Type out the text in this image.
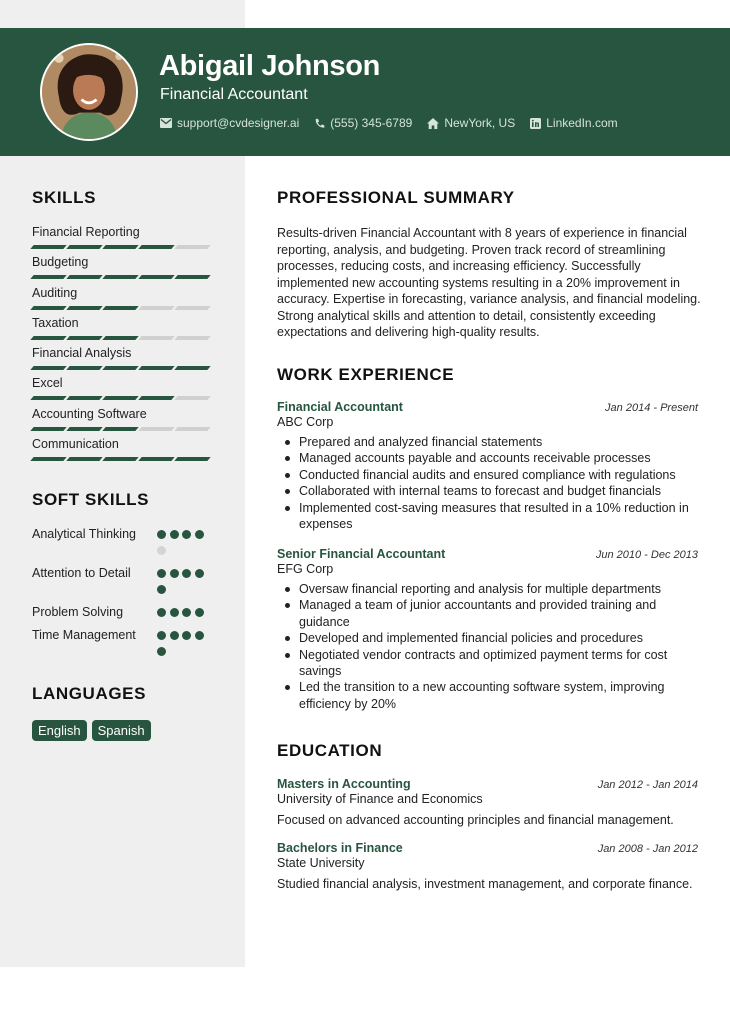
Abigail Johnson
Financial Accountant
support@cvdesigner.ai	(555) 345-6789	NewYork, US	LinkedIn.com
SKILLS
Financial Reporting
Budgeting
Auditing
Taxation
Financial Analysis
Excel
Accounting Software
Communication
SOFT SKILLS
Analytical Thinking
Attention to Detail
Problem Solving
Time Management
LANGUAGES
English	Spanish
PROFESSIONAL SUMMARY
Results-driven Financial Accountant with 8 years of experience in financial reporting, analysis, and budgeting. Proven track record of streamlining processes, reducing costs, and increasing efficiency. Successfully implemented new accounting systems resulting in a 20% improvement in accuracy. Expertise in forecasting, variance analysis, and financial modeling. Strong analytical skills and attention to detail, consistently exceeding expectations and delivering high-quality results.
WORK EXPERIENCE
Financial Accountant	Jan 2014 - Present
ABC Corp
Prepared and analyzed financial statements
Managed accounts payable and accounts receivable processes
Conducted financial audits and ensured compliance with regulations
Collaborated with internal teams to forecast and budget financials
Implemented cost-saving measures that resulted in a 10% reduction in expenses
Senior Financial Accountant	Jun 2010 - Dec 2013
EFG Corp
Oversaw financial reporting and analysis for multiple departments
Managed a team of junior accountants and provided training and guidance
Developed and implemented financial policies and procedures
Negotiated vendor contracts and optimized payment terms for cost savings
Led the transition to a new accounting software system, improving efficiency by 20%
EDUCATION
Masters in Accounting	Jan 2012 - Jan 2014
University of Finance and Economics
Focused on advanced accounting principles and financial management.
Bachelors in Finance	Jan 2008 - Jan 2012
State University
Studied financial analysis, investment management, and corporate finance.
